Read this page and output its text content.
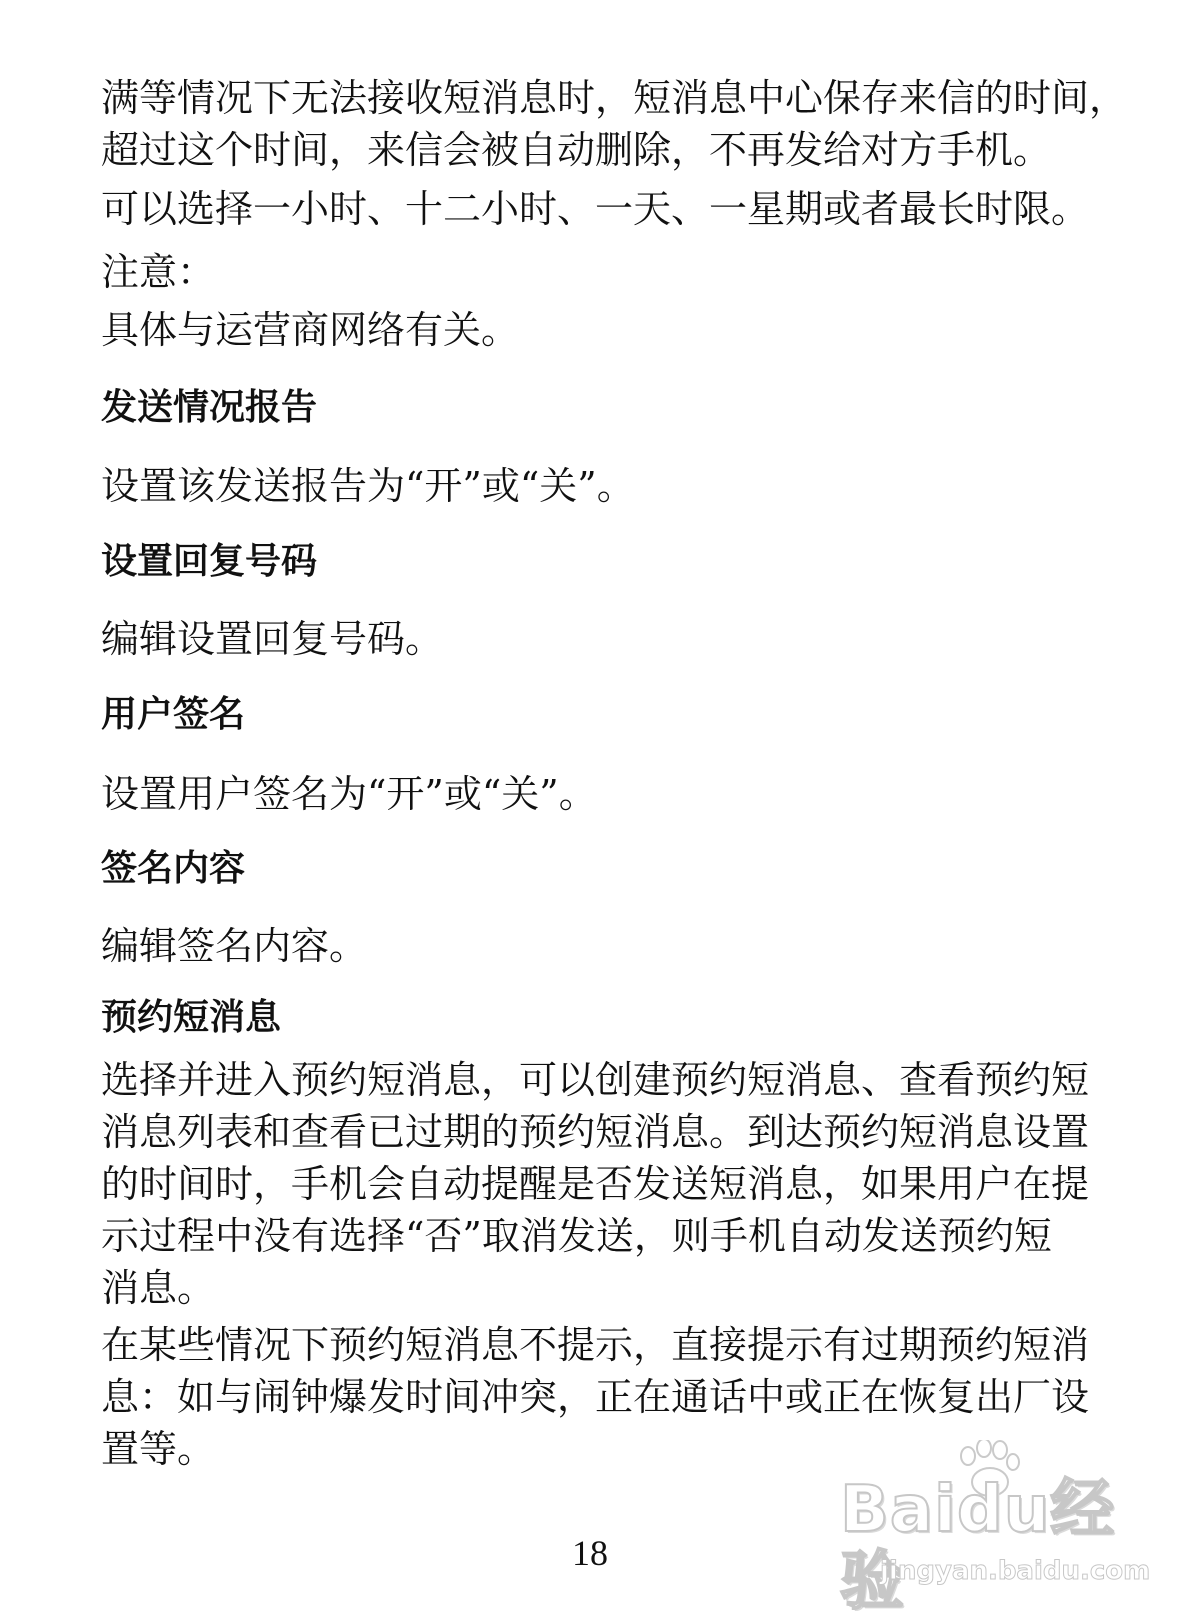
满等情况下无法接收短消息时，短消息中心保存来信的时间，
超过这个时间，来信会被自动删除，不再发给对方手机。

可以选择一小时、十二小时、一天、一星期或者最长时限。

注意：

具体与运营商网络有关。

发送情况报告

设置该发送报告为“开”或“关”。

设置回复号码

编辑设置回复号码。

用户签名

设置用户签名为“开”或“关”。

签名内容

编辑签名内容。

预约短消息

选择并进入预约短消息，可以创建预约短消息、查看预约短
消息列表和查看已过期的预约短消息。到达预约短消息设置
的时间时，手机会自动提醒是否发送短消息，如果用户在提
示过程中没有选择“否”取消发送，则手机自动发送预约短
消息。

在某些情况下预约短消息不提示，直接提示有过期预约短消
息：如与闹钟爆发时间冲突，正在通话中或正在恢复出厂设
置等。

18
Baidu经验
jingyan.baidu.com
